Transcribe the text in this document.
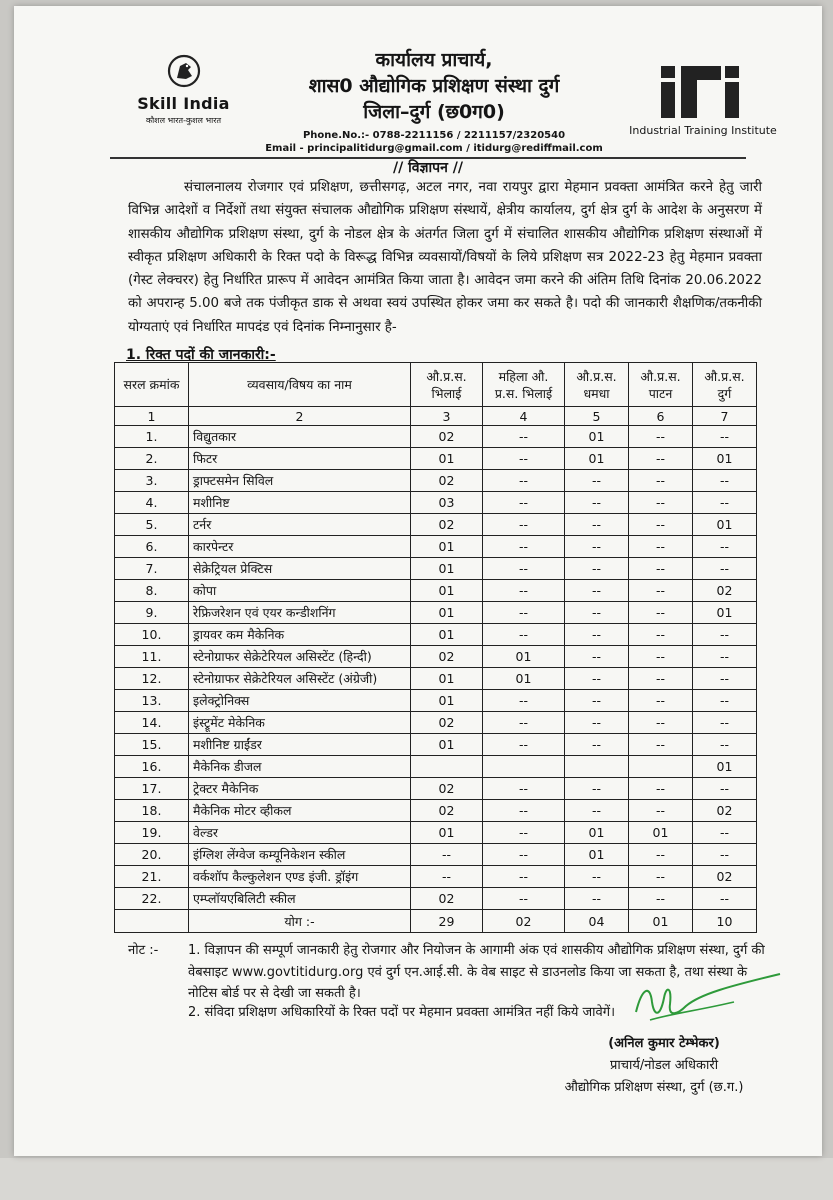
Skill India
कौशल भारत-कुशल भारत
कार्यालय प्राचार्य,
शास0 औद्योगिक प्रशिक्षण संस्था दुर्ग
जिला–दुर्ग (छ0ग0)
Phone.No.:- 0788-2211156 / 2211157/2320540
Email - principalitidurg@gmail.com / itidurg@rediffmail.com
Industrial Training Institute
// विज्ञापन //
संचालनालय रोजगार एवं प्रशिक्षण, छत्तीसगढ़, अटल नगर, नवा रायपुर द्वारा मेहमान प्रवक्ता आमंत्रित करने हेतु जारी विभिन्न आदेशों व निर्देशों तथा संयुक्त संचालक औद्योगिक प्रशिक्षण संस्थायें, क्षेत्रीय कार्यालय, दुर्ग क्षेत्र दुर्ग के आदेश के अनुसरण में शासकीय औद्योगिक प्रशिक्षण संस्था, दुर्ग के नोडल क्षेत्र के अंतर्गत जिला दुर्ग में संचालित शासकीय औद्योगिक प्रशिक्षण संस्थाओं में स्वीकृत प्रशिक्षण अधिकारी के रिक्त पदो के विरूद्ध विभिन्न व्यवसायों/विषयों के लिये प्रशिक्षण सत्र 2022-23 हेतु मेहमान प्रवक्ता (गेस्ट लेक्चरर) हेतु निर्धारित प्रारूप में आवेदन आमंत्रित किया जाता है। आवेदन जमा करने की अंतिम तिथि दिनांक 20.06.2022 को अपरान्ह 5.00 बजे तक पंजीकृत डाक से अथवा स्वयं उपस्थित होकर जमा कर सकते है। पदो की जानकारी शैक्षणिक/तकनीकी योग्यताएं एवं निर्धारित मापदंड एवं दिनांक निम्नानुसार है-
1. रिक्त पदों की जानकारी:-
सरल क्रमांक	व्यवसाय/विषय का नाम	औ.प्र.स. भिलाई	महिला औ. प्र.स. भिलाई	औ.प्र.स. धमधा	औ.प्र.स. पाटन	औ.प्र.स. दुर्ग
1	2	3	4	5	6	7
1.	विद्युतकार	02	--	01	--	--
2.	फिटर	01	--	01	--	01
3.	ड्राफ्टसमेन सिविल	02	--	--	--	--
4.	मशीनिष्ट	03	--	--	--	--
5.	टर्नर	02	--	--	--	01
6.	कारपेन्टर	01	--	--	--	--
7.	सेक्रेट्रियल प्रेक्टिस	01	--	--	--	--
8.	कोपा	01	--	--	--	02
9.	रेफ्रिजरेशन एवं एयर कन्डीशनिंग	01	--	--	--	01
10.	ड्रायवर कम मैकेनिक	01	--	--	--	--
11.	स्टेनोग्राफर सेक्रेटेरियल असिस्टेंट (हिन्दी)	02	01	--	--	--
12.	स्टेनोग्राफर सेक्रेटेरियल असिस्टेंट (अंग्रेजी)	01	01	--	--	--
13.	इलेक्ट्रोनिक्स	01	--	--	--	--
14.	इंस्ट्रूमेंट मेकेनिक	02	--	--	--	--
15.	मशीनिष्ट ग्राईंडर	01	--	--	--	--
16.	मैकेनिक डीजल					01
17.	ट्रेक्टर मैकेनिक	02	--	--	--	--
18.	मैकेनिक मोटर व्हीकल	02	--	--	--	02
19.	वेल्डर	01	--	01	01	--
20.	इंग्लिश लेंग्वेज कम्यूनिकेशन स्कील	--	--	01	--	--
21.	वर्कशॉप कैल्कुलेशन एण्ड इंजी. ड्रॉइंग	--	--	--	--	02
22.	एम्प्लॉयएबिलिटी स्कील	02	--	--	--	--
	योग :-	29	02	04	01	10
नोट :- 1. विज्ञापन की सम्पूर्ण जानकारी हेतु रोजगार और नियोजन के आगामी अंक एवं शासकीय औद्योगिक प्रशिक्षण संस्था, दुर्ग की वेबसाइट www.govtitidurg.org एवं दुर्ग एन.आई.सी. के वेब साइट से डाउनलोड किया जा सकता है, तथा संस्था के नोटिस बोर्ड पर से देखी जा सकती है।
2. संविदा प्रशिक्षण अधिकारियों के रिक्त पदों पर मेहमान प्रवक्ता आमंत्रित नहीं किये जावेगें।
(अनिल कुमार टेम्भेकर)
प्राचार्य/नोडल अधिकारी
औद्योगिक प्रशिक्षण संस्था, दुर्ग (छ.ग.)
